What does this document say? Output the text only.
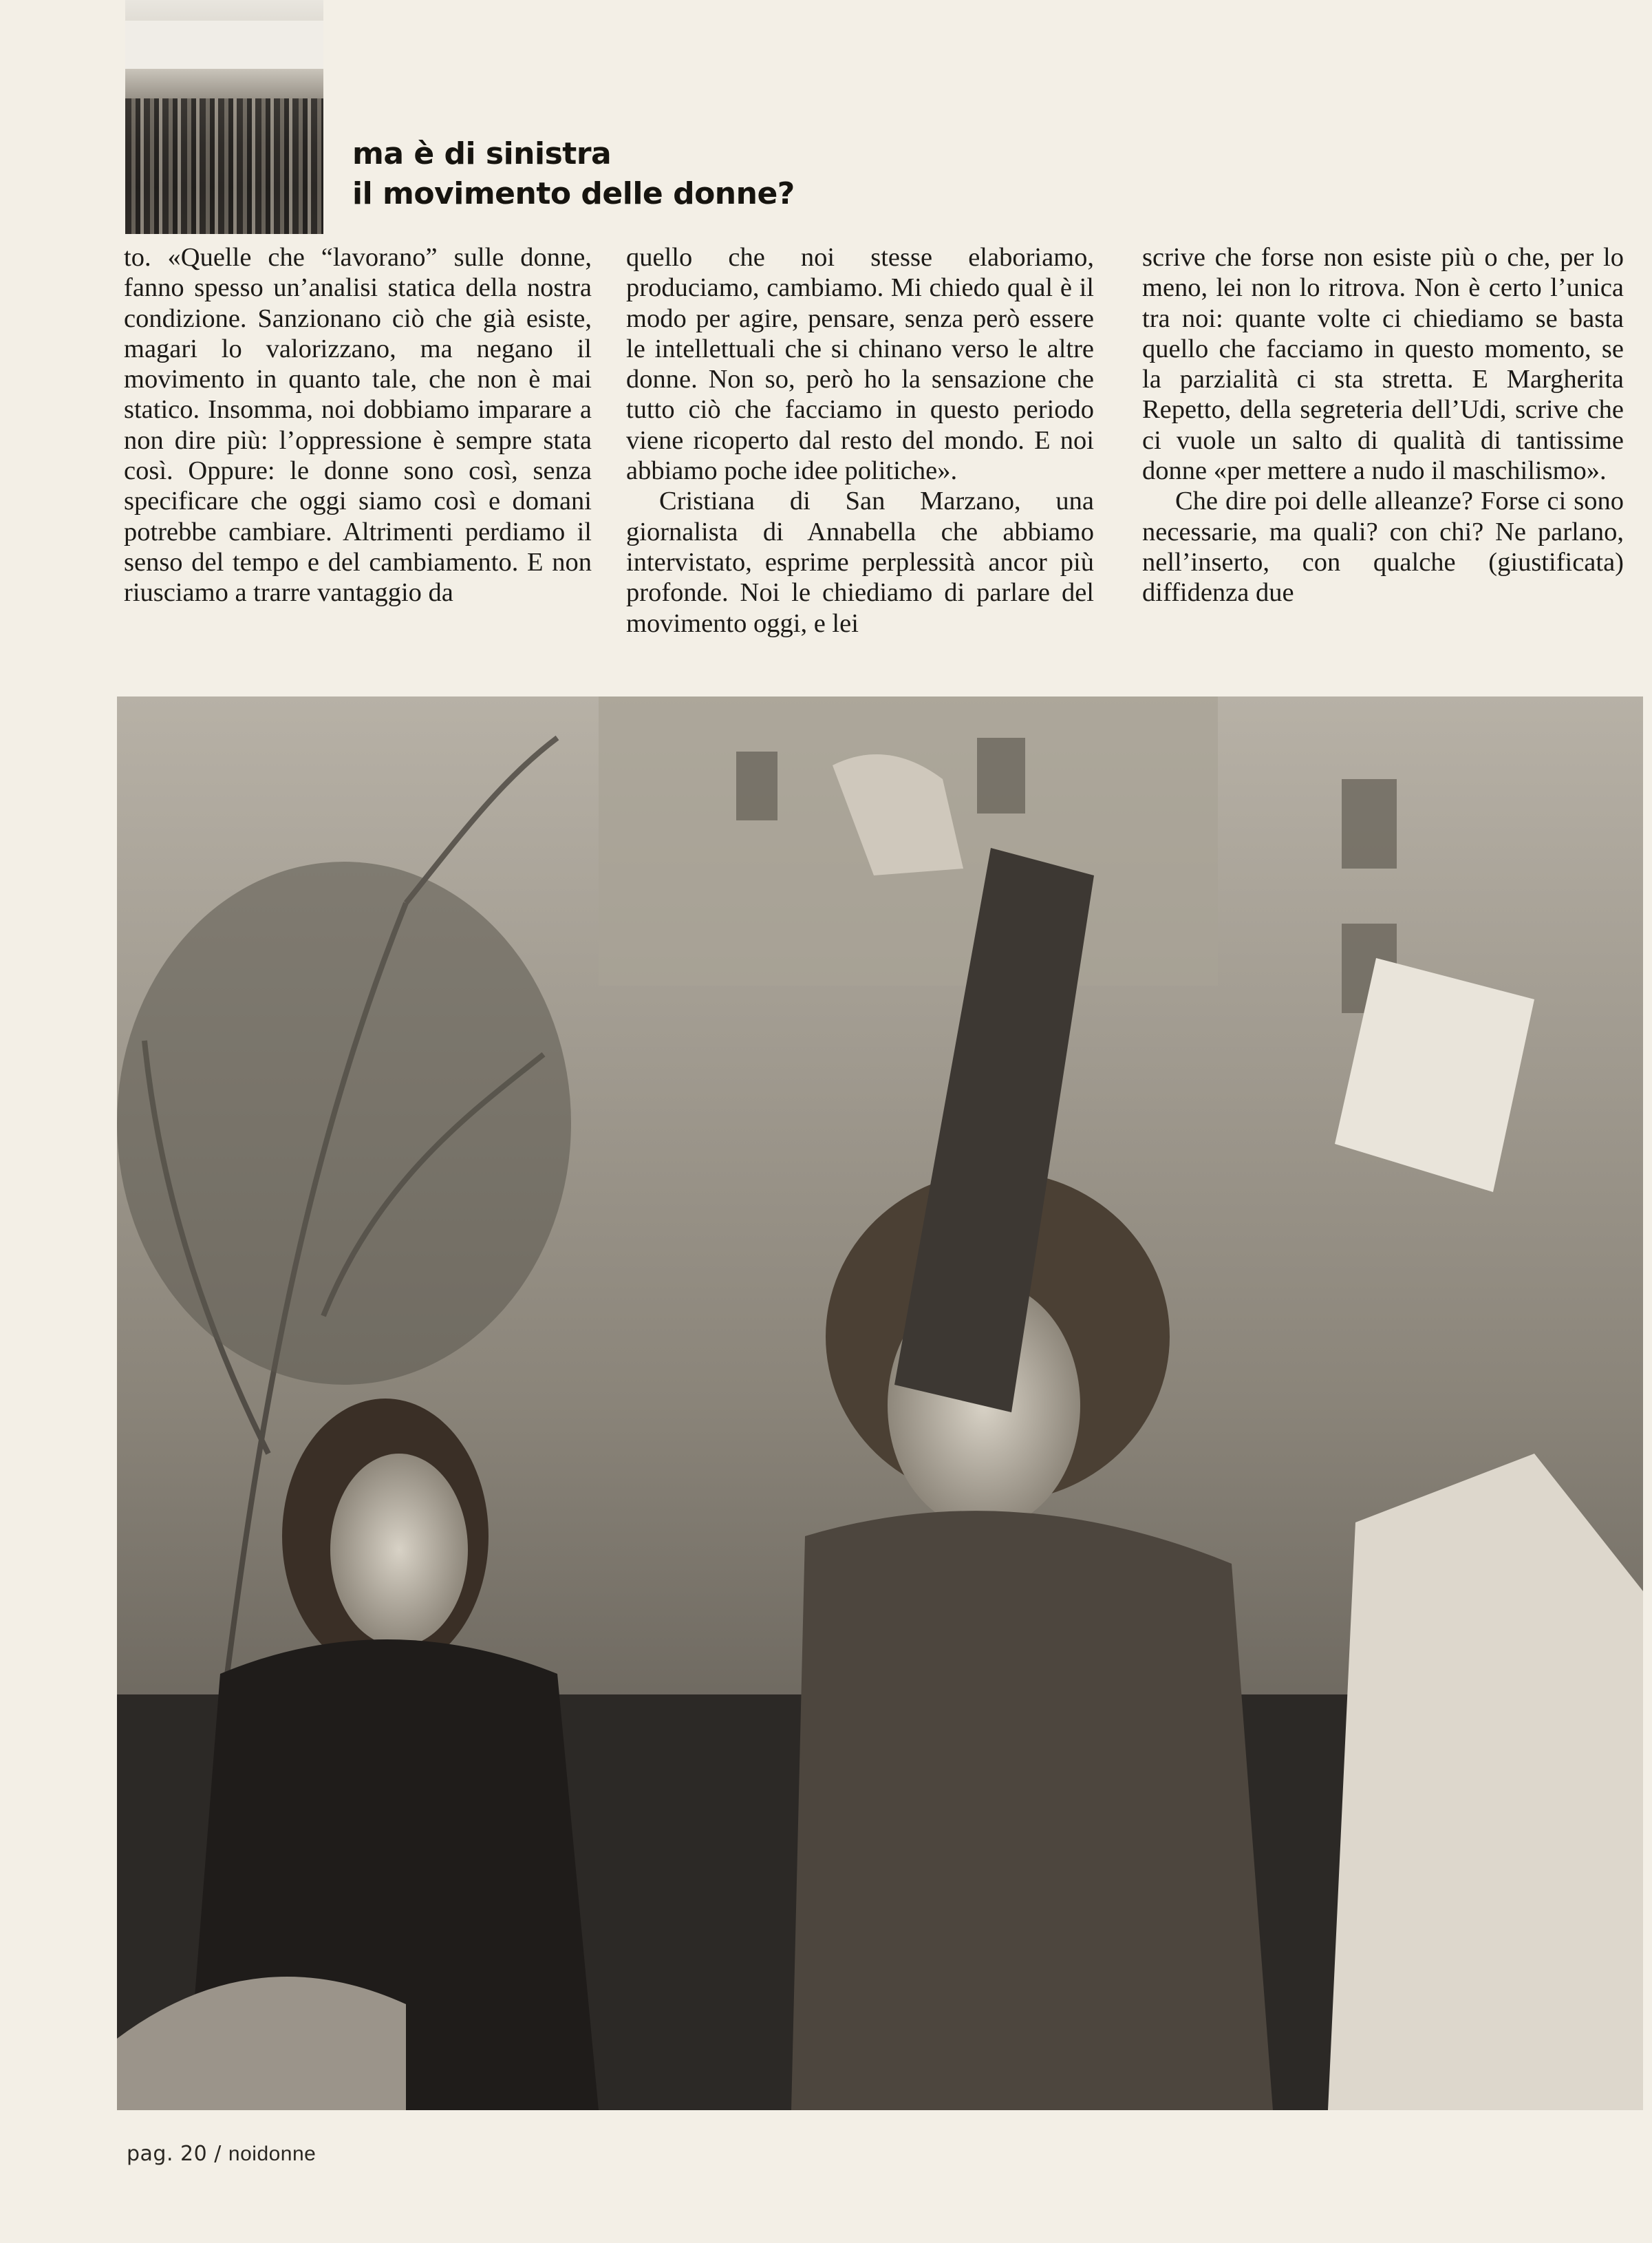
ma è di sinistra
il movimento delle donne?

to. «Quelle che “lavorano” sulle donne, fanno spesso un’analisi statica della nostra condizione. Sanzionano ciò che già esiste, magari lo valorizzano, ma negano il movimento in quanto tale, che non è mai statico. Insomma, noi dobbiamo imparare a non dire più: l’oppressione è sempre stata così. Oppure: le donne sono così, senza specificare che oggi siamo così e domani potrebbe cambiare. Altrimenti perdiamo il senso del tempo e del cambiamento. E non riusciamo a trarre vantaggio da

quello che noi stesse elaboriamo, produciamo, cambiamo. Mi chiedo qual è il modo per agire, pensare, senza però essere le intellettuali che si chinano verso le altre donne. Non so, però ho la sensazione che tutto ciò che facciamo in questo periodo viene ricoperto dal resto del mondo. E noi abbiamo poche idee politiche».

Cristiana di San Marzano, una giornalista di Annabella che abbiamo intervistato, esprime perplessità ancor più profonde. Noi le chiediamo di parlare del movimento oggi, e lei

scrive che forse non esiste più o che, per lo meno, lei non lo ritrova. Non è certo l’unica tra noi: quante volte ci chiediamo se basta quello che facciamo in questo momento, se la parzialità ci sta stretta. E Margherita Repetto, della segreteria dell’Udi, scrive che ci vuole un salto di qualità di tantissime donne «per mettere a nudo il maschilismo».

Che dire poi delle alleanze? Forse ci sono necessarie, ma quali? con chi? Ne parlano, nell’inserto, con qualche (giustificata) diffidenza due

pag. 20 / noidonne
